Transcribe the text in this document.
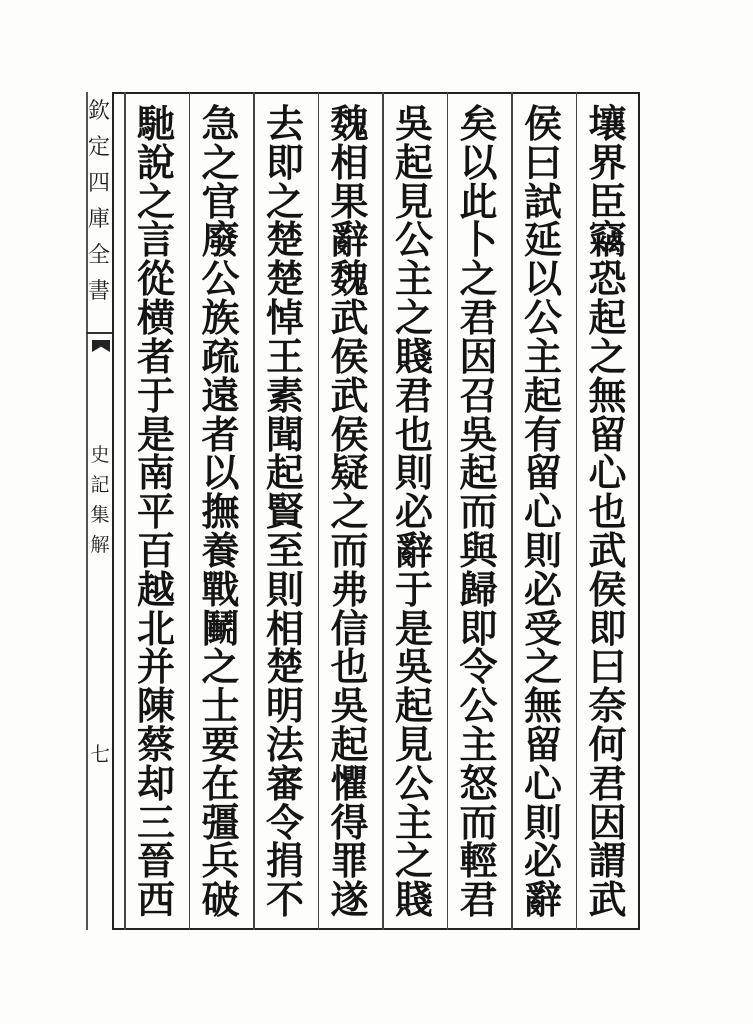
欽
定
四
庫
全
書
史
記
集
解
七
壤
界
臣
竊
恐
起
之
無
留
心
也
武
侯
即
曰
奈
何
君
因
謂
武
侯
曰
試
延
以
公
主
起
有
留
心
則
必
受
之
無
留
心
則
必
辭
矣
以
此
卜
之
君
因
召
吳
起
而
與
歸
即
令
公
主
怒
而
輕
君
吳
起
見
公
主
之
賤
君
也
則
必
辭
于
是
吳
起
見
公
主
之
賤
魏
相
果
辭
魏
武
侯
武
侯
疑
之
而
弗
信
也
吳
起
懼
得
罪
遂
去
即
之
楚
楚
悼
王
素
聞
起
賢
至
則
相
楚
明
法
審
令
捐
不
急
之
官
廢
公
族
疏
遠
者
以
撫
養
戰
鬭
之
士
要
在
彊
兵
破
馳
說
之
言
從
横
者
于
是
南
平
百
越
北
并
陳
蔡
却
三
晉
西
